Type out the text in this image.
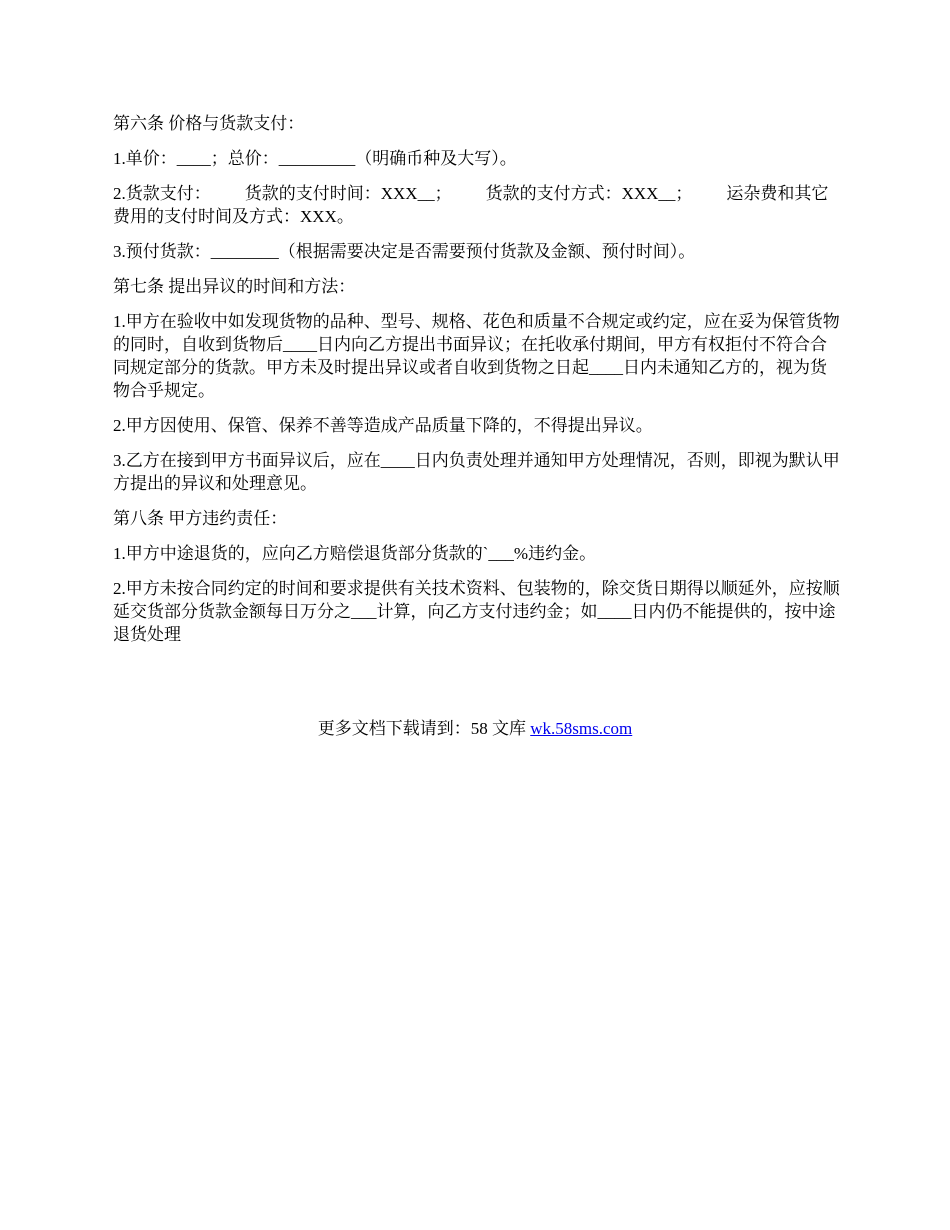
第六条 价格与货款支付：

1.单价：____；总价：_________（明确币种及大写）。

2.货款支付：        货款的支付时间：XXX__；        货款的支付方式：XXX__；        运杂费和其它费用的支付时间及方式：XXX。

3.预付货款：________（根据需要决定是否需要预付货款及金额、预付时间）。

第七条 提出异议的时间和方法：

1.甲方在验收中如发现货物的品种、型号、规格、花色和质量不合规定或约定，应在妥为保管货物的同时，自收到货物后____日内向乙方提出书面异议；在托收承付期间，甲方有权拒付不符合合同规定部分的货款。甲方未及时提出异议或者自收到货物之日起____日内未通知乙方的，视为货物合乎规定。

2.甲方因使用、保管、保养不善等造成产品质量下降的，不得提出异议。

3.乙方在接到甲方书面异议后，应在____日内负责处理并通知甲方处理情况，否则，即视为默认甲方提出的异议和处理意见。

第八条 甲方违约责任：

1.甲方中途退货的，应向乙方赔偿退货部分货款的`___%违约金。

2.甲方未按合同约定的时间和要求提供有关技术资料、包装物的，除交货日期得以顺延外，应按顺延交货部分货款金额每日万分之___计算，向乙方支付违约金；如____日内仍不能提供的，按中途退货处理

更多文档下载请到：58 文库 wk.58sms.com
